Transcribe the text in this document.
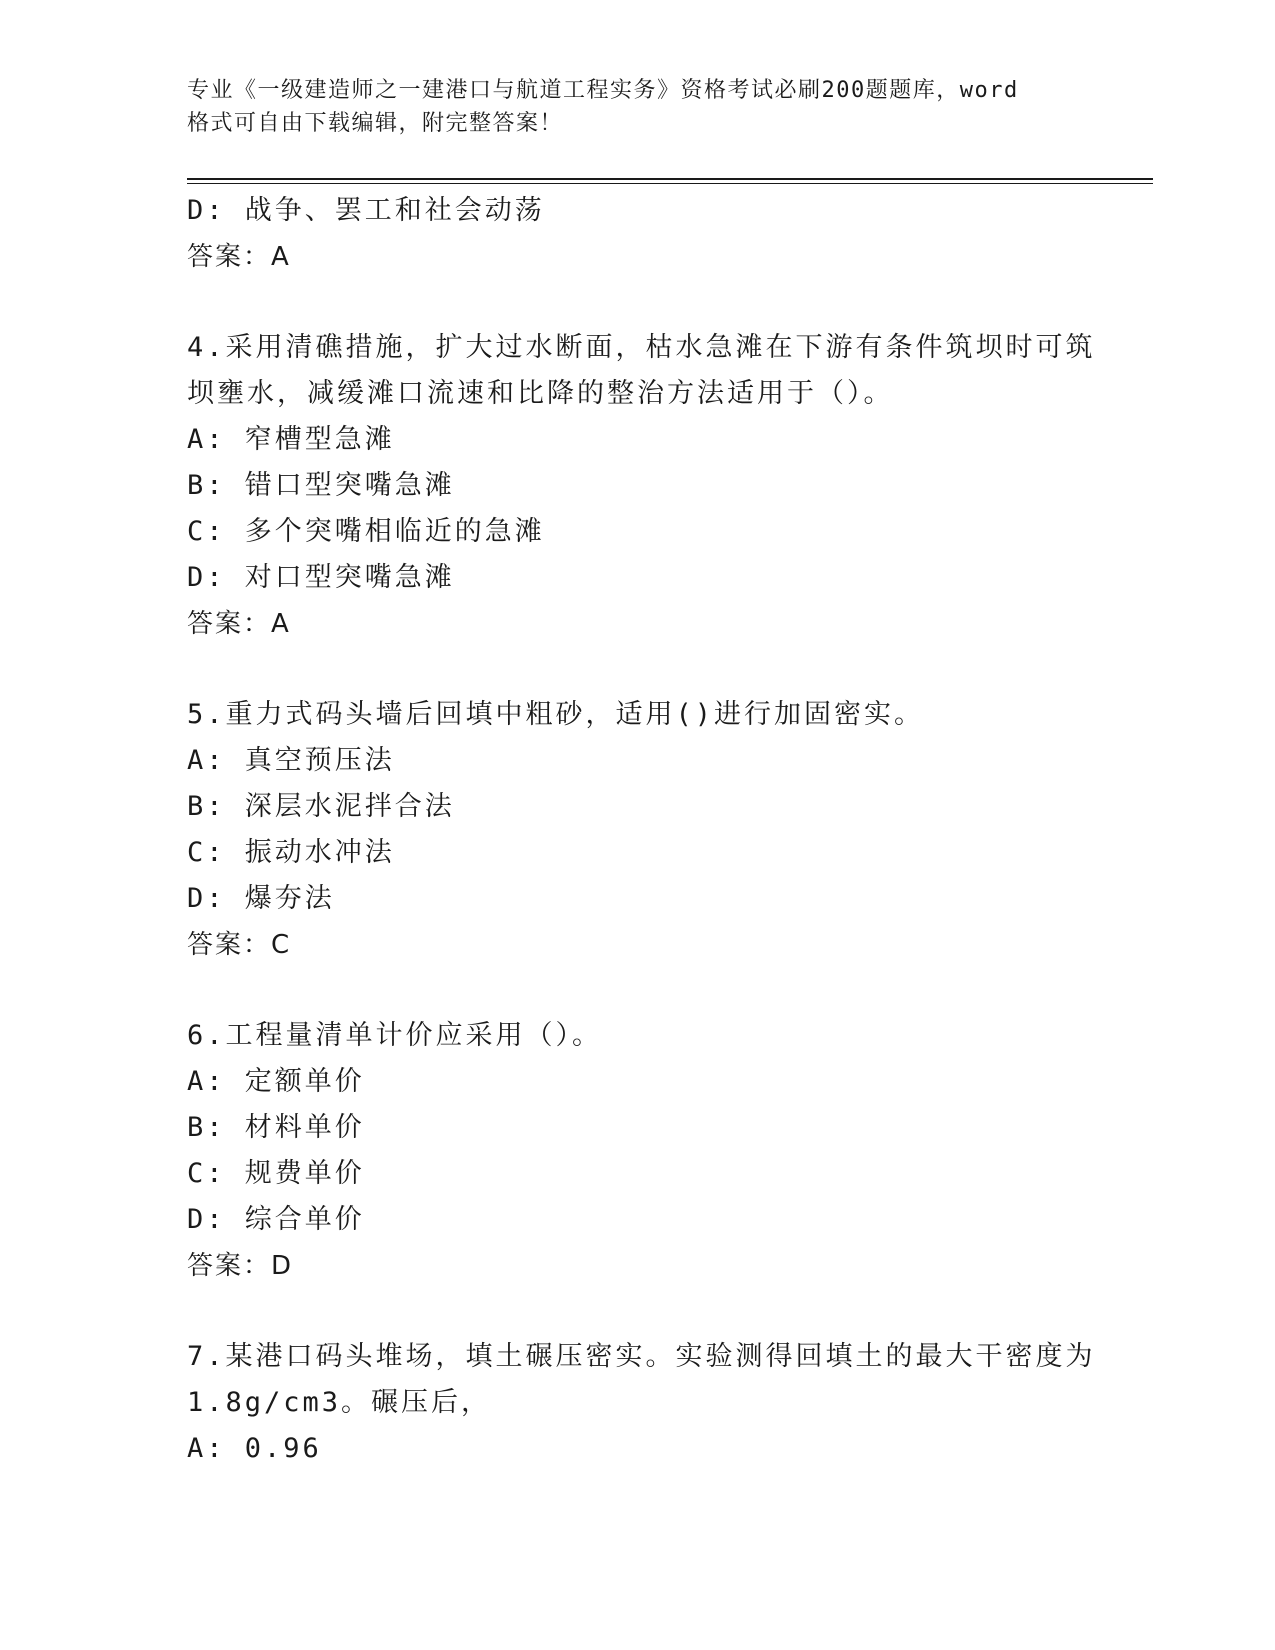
专业《一级建造师之一建港口与航道工程实务》资格考试必刷200题题库，word
格式可自由下载编辑，附完整答案！
D: 战争、罢工和社会动荡
答案：A
4.采用清礁措施，扩大过水断面，枯水急滩在下游有条件筑坝时可筑
坝壅水，减缓滩口流速和比降的整治方法适用于（）。
A: 窄槽型急滩
B: 错口型突嘴急滩
C: 多个突嘴相临近的急滩
D: 对口型突嘴急滩
答案：A
5.重力式码头墙后回填中粗砂，适用()进行加固密实。
A: 真空预压法
B: 深层水泥拌合法
C: 振动水冲法
D: 爆夯法
答案：C
6.工程量清单计价应采用（）。
A: 定额单价
B: 材料单价
C: 规费单价
D: 综合单价
答案：D
7.某港口码头堆场，填土碾压密实。实验测得回填土的最大干密度为
1.8g/cm3。碾压后，
A: 0.96
